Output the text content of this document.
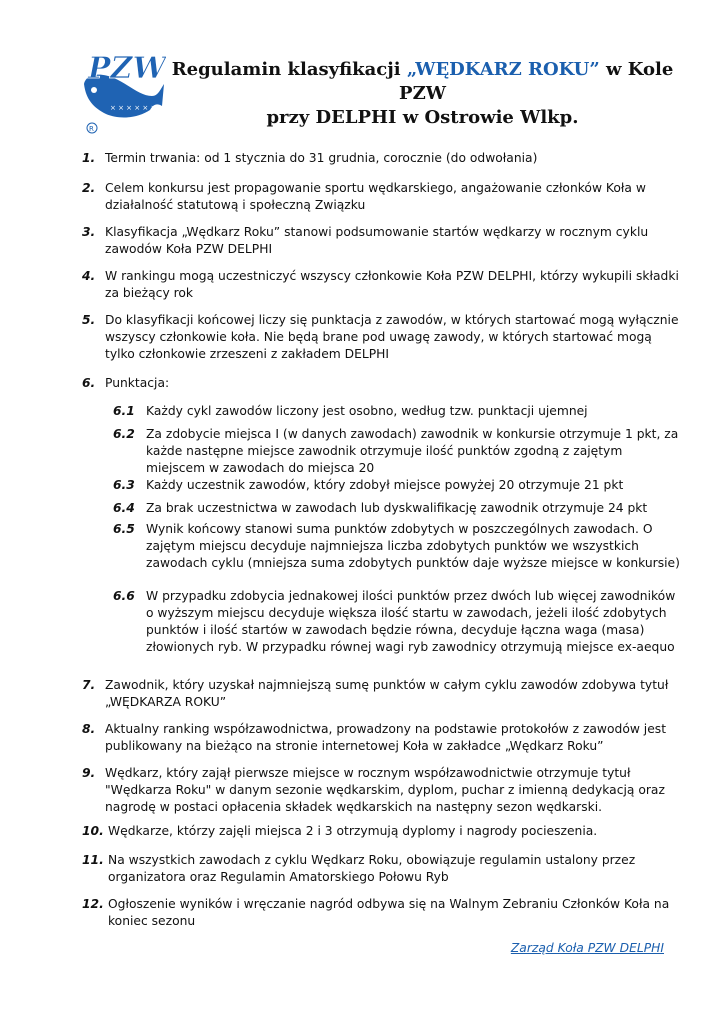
PZW
× × × × × ×
R
Regulamin klasyfikacji „WĘDKARZ ROKU” w Kole PZW
przy DELPHI w Ostrowie Wlkp.
1. Termin trwania: od 1 stycznia do 31 grudnia, corocznie (do odwołania)
2. Celem konkursu jest propagowanie sportu wędkarskiego, angażowanie członków Koła w działalność statutową i społeczną Związku
3. Klasyfikacja „Wędkarz Roku” stanowi podsumowanie startów wędkarzy w rocznym cyklu zawodów Koła PZW DELPHI
4. W rankingu mogą uczestniczyć wszyscy członkowie Koła PZW DELPHI, którzy wykupili składki za bieżący rok
5. Do klasyfikacji końcowej liczy się punktacja z zawodów, w których startować mogą wyłącznie wszyscy członkowie koła. Nie będą brane pod uwagę zawody, w których startować mogą tylko członkowie zrzeszeni z zakładem DELPHI
6. Punktacja:
6.1 Każdy cykl zawodów liczony jest osobno, według tzw. punktacji ujemnej
6.2 Za zdobycie miejsca I (w danych zawodach) zawodnik w konkursie otrzymuje 1 pkt, za każde następne miejsce zawodnik otrzymuje ilość punktów zgodną z zajętym miejscem w zawodach do miejsca 20
6.3 Każdy uczestnik zawodów, który zdobył miejsce powyżej 20 otrzymuje 21 pkt
6.4 Za brak uczestnictwa w zawodach lub dyskwalifikację zawodnik otrzymuje 24 pkt
6.5 Wynik końcowy stanowi suma punktów zdobytych w poszczególnych zawodach. O zajętym miejscu decyduje najmniejsza liczba zdobytych punktów we wszystkich zawodach cyklu (mniejsza suma zdobytych punktów daje wyższe miejsce w konkursie)
6.6 W przypadku zdobycia jednakowej ilości punktów przez dwóch lub więcej zawodników o wyższym miejscu decyduje większa ilość startu w zawodach, jeżeli ilość zdobytych punktów i ilość startów w zawodach będzie równa, decyduje łączna waga (masa) złowionych ryb. W przypadku równej wagi ryb zawodnicy otrzymują miejsce ex-aequo
7. Zawodnik, który uzyskał najmniejszą sumę punktów w całym cyklu zawodów zdobywa tytuł „WĘDKARZA ROKU”
8. Aktualny ranking współzawodnictwa, prowadzony na podstawie protokołów z zawodów jest publikowany na bieżąco na stronie internetowej Koła w zakładce „Wędkarz Roku”
9. Wędkarz, który zajął pierwsze miejsce w rocznym współzawodnictwie otrzymuje tytuł "Wędkarza Roku" w danym sezonie wędkarskim, dyplom, puchar z imienną dedykacją oraz nagrodę w postaci opłacenia składek wędkarskich na następny sezon wędkarski.
10. Wędkarze, którzy zajęli miejsca 2 i 3 otrzymują dyplomy i nagrody pocieszenia.
11. Na wszystkich zawodach z cyklu Wędkarz Roku, obowiązuje regulamin ustalony przez organizatora oraz Regulamin Amatorskiego Połowu Ryb
12. Ogłoszenie wyników i wręczanie nagród odbywa się na Walnym Zebraniu Członków Koła na koniec sezonu
Zarząd Koła PZW DELPHI
